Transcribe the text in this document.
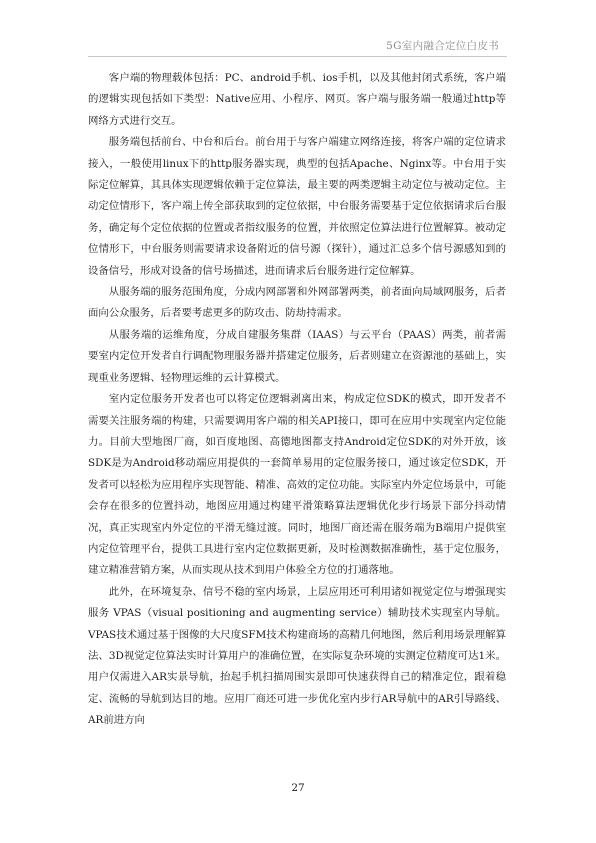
5G室内融合定位白皮书

客户端的物理载体包括：PC、android手机、ios手机，以及其他封闭式系统，客户端的逻辑实现包括如下类型：Native应用、小程序、网页。客户端与服务端一般通过http等网络方式进行交互。

服务端包括前台、中台和后台。前台用于与客户端建立网络连接，将客户端的定位请求接入，一般使用linux下的http服务器实现，典型的包括Apache、Nginx等。中台用于实际定位解算，其具体实现逻辑依赖于定位算法，最主要的两类逻辑主动定位与被动定位。主动定位情形下，客户端上传全部获取到的定位依据，中台服务需要基于定位依据请求后台服务，确定每个定位依据的位置或者指纹服务的位置，并依照定位算法进行位置解算。被动定位情形下，中台服务则需要请求设备附近的信号源（探针），通过汇总多个信号源感知到的设备信号，形成对设备的信号场描述，进而请求后台服务进行定位解算。

从服务端的服务范围角度，分成内网部署和外网部署两类，前者面向局域网服务，后者面向公众服务，后者要考虑更多的防攻击、防劫持需求。

从服务端的运维角度，分成自建服务集群（IAAS）与云平台（PAAS）两类，前者需要室内定位开发者自行调配物理服务器并搭建定位服务，后者则建立在资源池的基础上，实现重业务逻辑、轻物理运维的云计算模式。

室内定位服务开发者也可以将定位逻辑剥离出来，构成定位SDK的模式，即开发者不需要关注服务端的构建，只需要调用客户端的相关API接口，即可在应用中实现室内定位能力。目前大型地图厂商，如百度地图、高德地图都支持Android定位SDK的对外开放，该SDK是为Android移动端应用提供的一套简单易用的定位服务接口，通过该定位SDK，开发者可以轻松为应用程序实现智能、精准、高效的定位功能。实际室内外定位场景中，可能会存在很多的位置抖动，地图应用通过构建平滑策略算法逻辑优化步行场景下部分抖动情况，真正实现室内外定位的平滑无缝过渡。同时，地图厂商还需在服务端为B端用户提供室内定位管理平台，提供工具进行室内定位数据更新，及时检测数据准确性，基于定位服务，建立精准营销方案，从而实现从技术到用户体验全方位的打通落地。

此外，在环境复杂、信号不稳的室内场景，上层应用还可利用诸如视觉定位与增强现实服务 VPAS（visual positioning and augmenting service）辅助技术实现室内导航。VPAS技术通过基于图像的大尺度SFM技术构建商场的高精几何地图，然后利用场景理解算法、3D视觉定位算法实时计算用户的准确位置，在实际复杂环境的实测定位精度可达1米。用户仅需进入AR实景导航，抬起手机扫描周围实景即可快速获得自己的精准定位，跟着稳定、流畅的导航到达目的地。应用厂商还可进一步优化室内步行AR导航中的AR引导路线、AR前进方向

27
